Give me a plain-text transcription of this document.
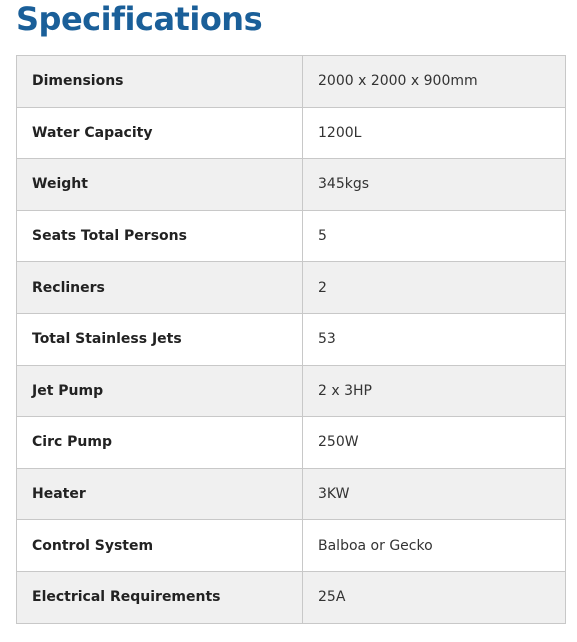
Specifications
Dimensions	2000 x 2000 x 900mm
Water Capacity	1200L
Weight	345kgs
Seats Total Persons	5
Recliners	2
Total Stainless Jets	53
Jet Pump	2 x 3HP
Circ Pump	250W
Heater	3KW
Control System	Balboa or Gecko
Electrical Requirements	25A
